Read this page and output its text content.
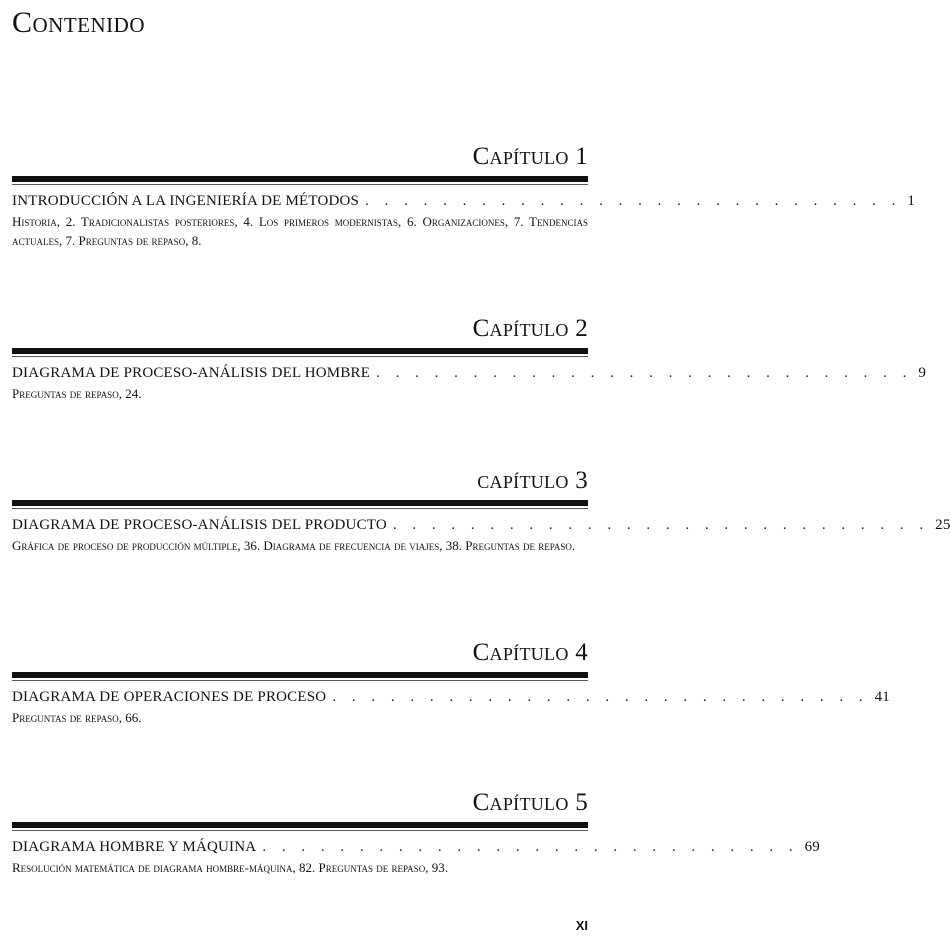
Contenido
Capítulo 1
INTRODUCCIÓN A LA INGENIERÍA DE MÉTODOS . . . . . . . . . . . . . . . . . . . . . . . . . . . . 1
Historia, 2. Tradicionalistas posteriores, 4. Los primeros modernistas, 6. Organizaciones, 7. Tendencias actuales, 7. Preguntas de repaso, 8.
Capítulo 2
DIAGRAMA DE PROCESO-ANÁLISIS DEL HOMBRE . . . . . . . . . . . . . . . . . . . . . . . . . . . . 9
Preguntas de repaso, 24.
capítulo 3
DIAGRAMA DE PROCESO-ANÁLISIS DEL PRODUCTO . . . . . . . . . . . . . . . . . . . . . . . . . . . . 25
Gráfica de proceso de producción múltiple, 36. Diagrama de frecuencia de viajes, 38. Preguntas de repaso.
Capítulo 4
DIAGRAMA DE OPERACIONES DE PROCESO . . . . . . . . . . . . . . . . . . . . . . . . . . . . 41
Preguntas de repaso, 66.
Capítulo 5
DIAGRAMA HOMBRE Y MÁQUINA . . . . . . . . . . . . . . . . . . . . . . . . . . . . 69
Resolución matemática de diagrama hombre-máquina, 82. Preguntas de repaso, 93.
XI
